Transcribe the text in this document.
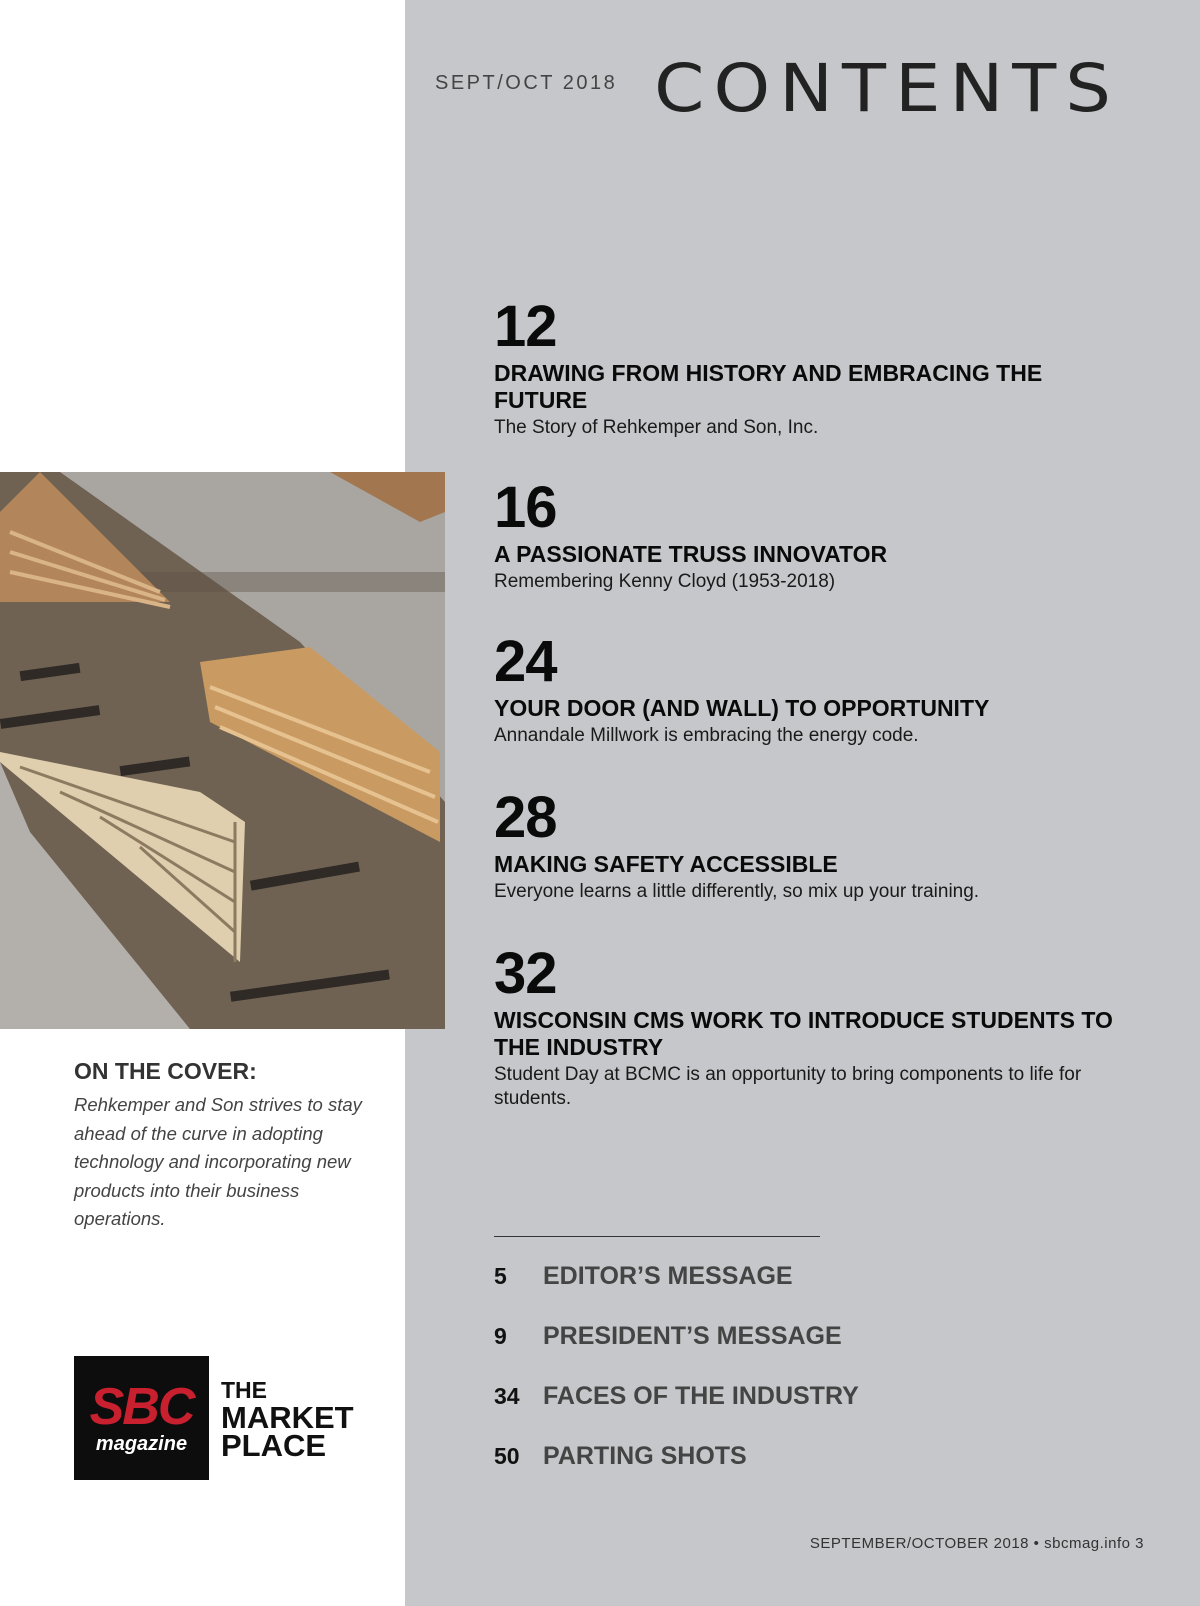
SEPT/OCT 2018 CONTENTS
ON THE COVER:
Rehkemper and Son strives to stay ahead of the curve in adopting technology and incorporating new products into their business operations.
SBC
magazine
THE
MARKET
PLACE
12
DRAWING FROM HISTORY AND EMBRACING THE FUTURE
The Story of Rehkemper and Son, Inc.
16
A PASSIONATE TRUSS INNOVATOR
Remembering Kenny Cloyd (1953-2018)
24
YOUR DOOR (AND WALL) TO OPPORTUNITY
Annandale Millwork is embracing the energy code.
28
MAKING SAFETY ACCESSIBLE
Everyone learns a little differently, so mix up your training.
32
WISCONSIN CMS WORK TO INTRODUCE STUDENTS TO THE INDUSTRY
Student Day at BCMC is an opportunity to bring components to life for students.
5	EDITOR’S MESSAGE
9	PRESIDENT’S MESSAGE
34 FACES OF THE INDUSTRY
50 PARTING SHOTS
SEPTEMBER/OCTOBER 2018 • sbcmag.info 3
